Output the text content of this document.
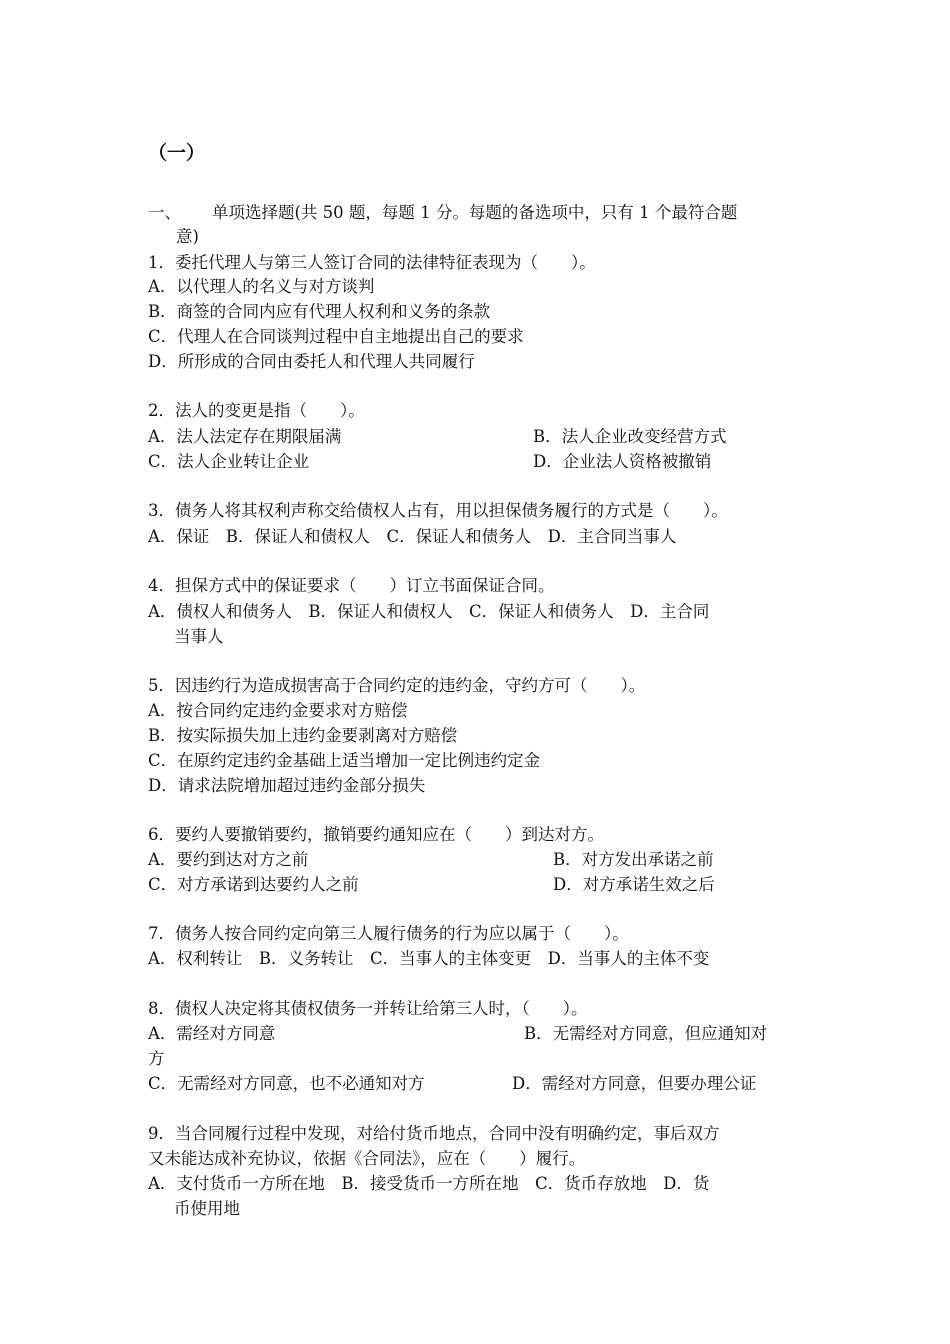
（一）
一、 单项选择题(共 50 题，每题 1 分。每题的备选项中，只有 1 个最符合题
意)
1．委托代理人与第三人签订合同的法律特征表现为（　　）。
A．以代理人的名义与对方谈判
B．商签的合同内应有代理人权利和义务的条款
C．代理人在合同谈判过程中自主地提出自己的要求
D．所形成的合同由委托人和代理人共同履行
2．法人的变更是指（　　）。
A．法人法定存在期限届满	B．法人企业改变经营方式
C．法人企业转让企业	D．企业法人资格被撤销
3．债务人将其权利声称交给债权人占有，用以担保债务履行的方式是（　　）。
A．保证　B．保证人和债权人　C．保证人和债务人　D．主合同当事人
4．担保方式中的保证要求（　　）订立书面保证合同。
A．债权人和债务人　B．保证人和债权人　C．保证人和债务人　D．主合同
当事人
5．因违约行为造成损害高于合同约定的违约金，守约方可（　　）。
A．按合同约定违约金要求对方赔偿
B．按实际损失加上违约金要剥离对方赔偿
C．在原约定违约金基础上适当增加一定比例违约定金
D．请求法院增加超过违约金部分损失
6．要约人要撤销要约，撤销要约通知应在（　　）到达对方。
A．要约到达对方之前	B．对方发出承诺之前
C．对方承诺到达要约人之前	D．对方承诺生效之后
7．债务人按合同约定向第三人履行债务的行为应以属于（　　）。
A．权利转让　B．义务转让　C．当事人的主体变更　D．当事人的主体不变
8．债权人决定将其债权债务一并转让给第三人时，（　　）。
A．需经对方同意	B．无需经对方同意，但应通知对
方
C．无需经对方同意，也不必通知对方	D．需经对方同意，但要办理公证
9．当合同履行过程中发现，对给付货币地点，合同中没有明确约定，事后双方
又未能达成补充协议，依据《合同法》，应在（　　）履行。
A．支付货币一方所在地　B．接受货币一方所在地　C．货币存放地　D．货
币使用地
